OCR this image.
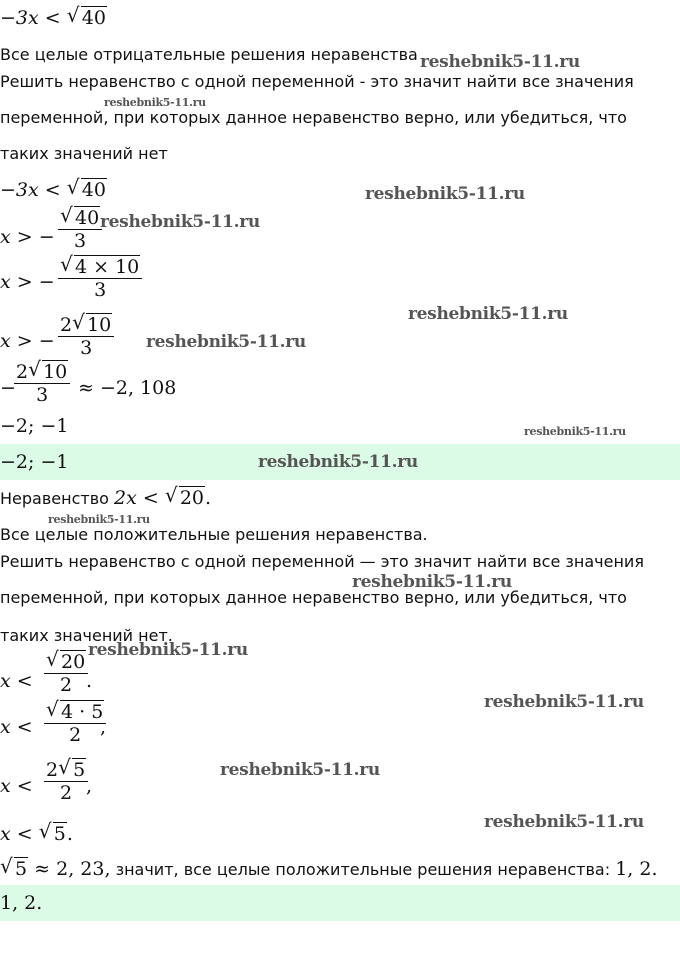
−3x < √ 40
Все целые отрицательные решения неравенства
Решить неравенство с одной переменной - это значит найти все значения
переменной, при которых данное неравенство верно, или убедиться, что
таких значений нет
−3x < √ 40
x > −
√ 40
3
x > −
√ 4 × 10
3
x > −
2 √ 10
3
−
2 √ 10
3	≈ −2, 108
−2; −1
−2; −1
Неравенство 2x < √ 20.
Все целые положительные решения неравенства.
Решить неравенство с одной переменной — это значит найти все значения
переменной, при которых данное неравенство верно, или убедиться, что
таких значений нет.
x <
√ 20
2 .
x <
√ 4 · 5
2 ,
x <
2 √ 5
2 ,
x < √ 5.
√ 5 ≈ 2, 23, значит, все целые положительные решения неравенства: 1, 2.
1, 2.
reshebnik5-11.ru
reshebnik5-11.ru
reshebnik5-11.ru
reshebnik5-11.ru
reshebnik5-11.ru
reshebnik5-11.ru
reshebnik5-11.ru
reshebnik5-11.ru
reshebnik5-11.ru
reshebnik5-11.ru
reshebnik5-11.ru
reshebnik5-11.ru
reshebnik5-11.ru
reshebnik5-11.ru
